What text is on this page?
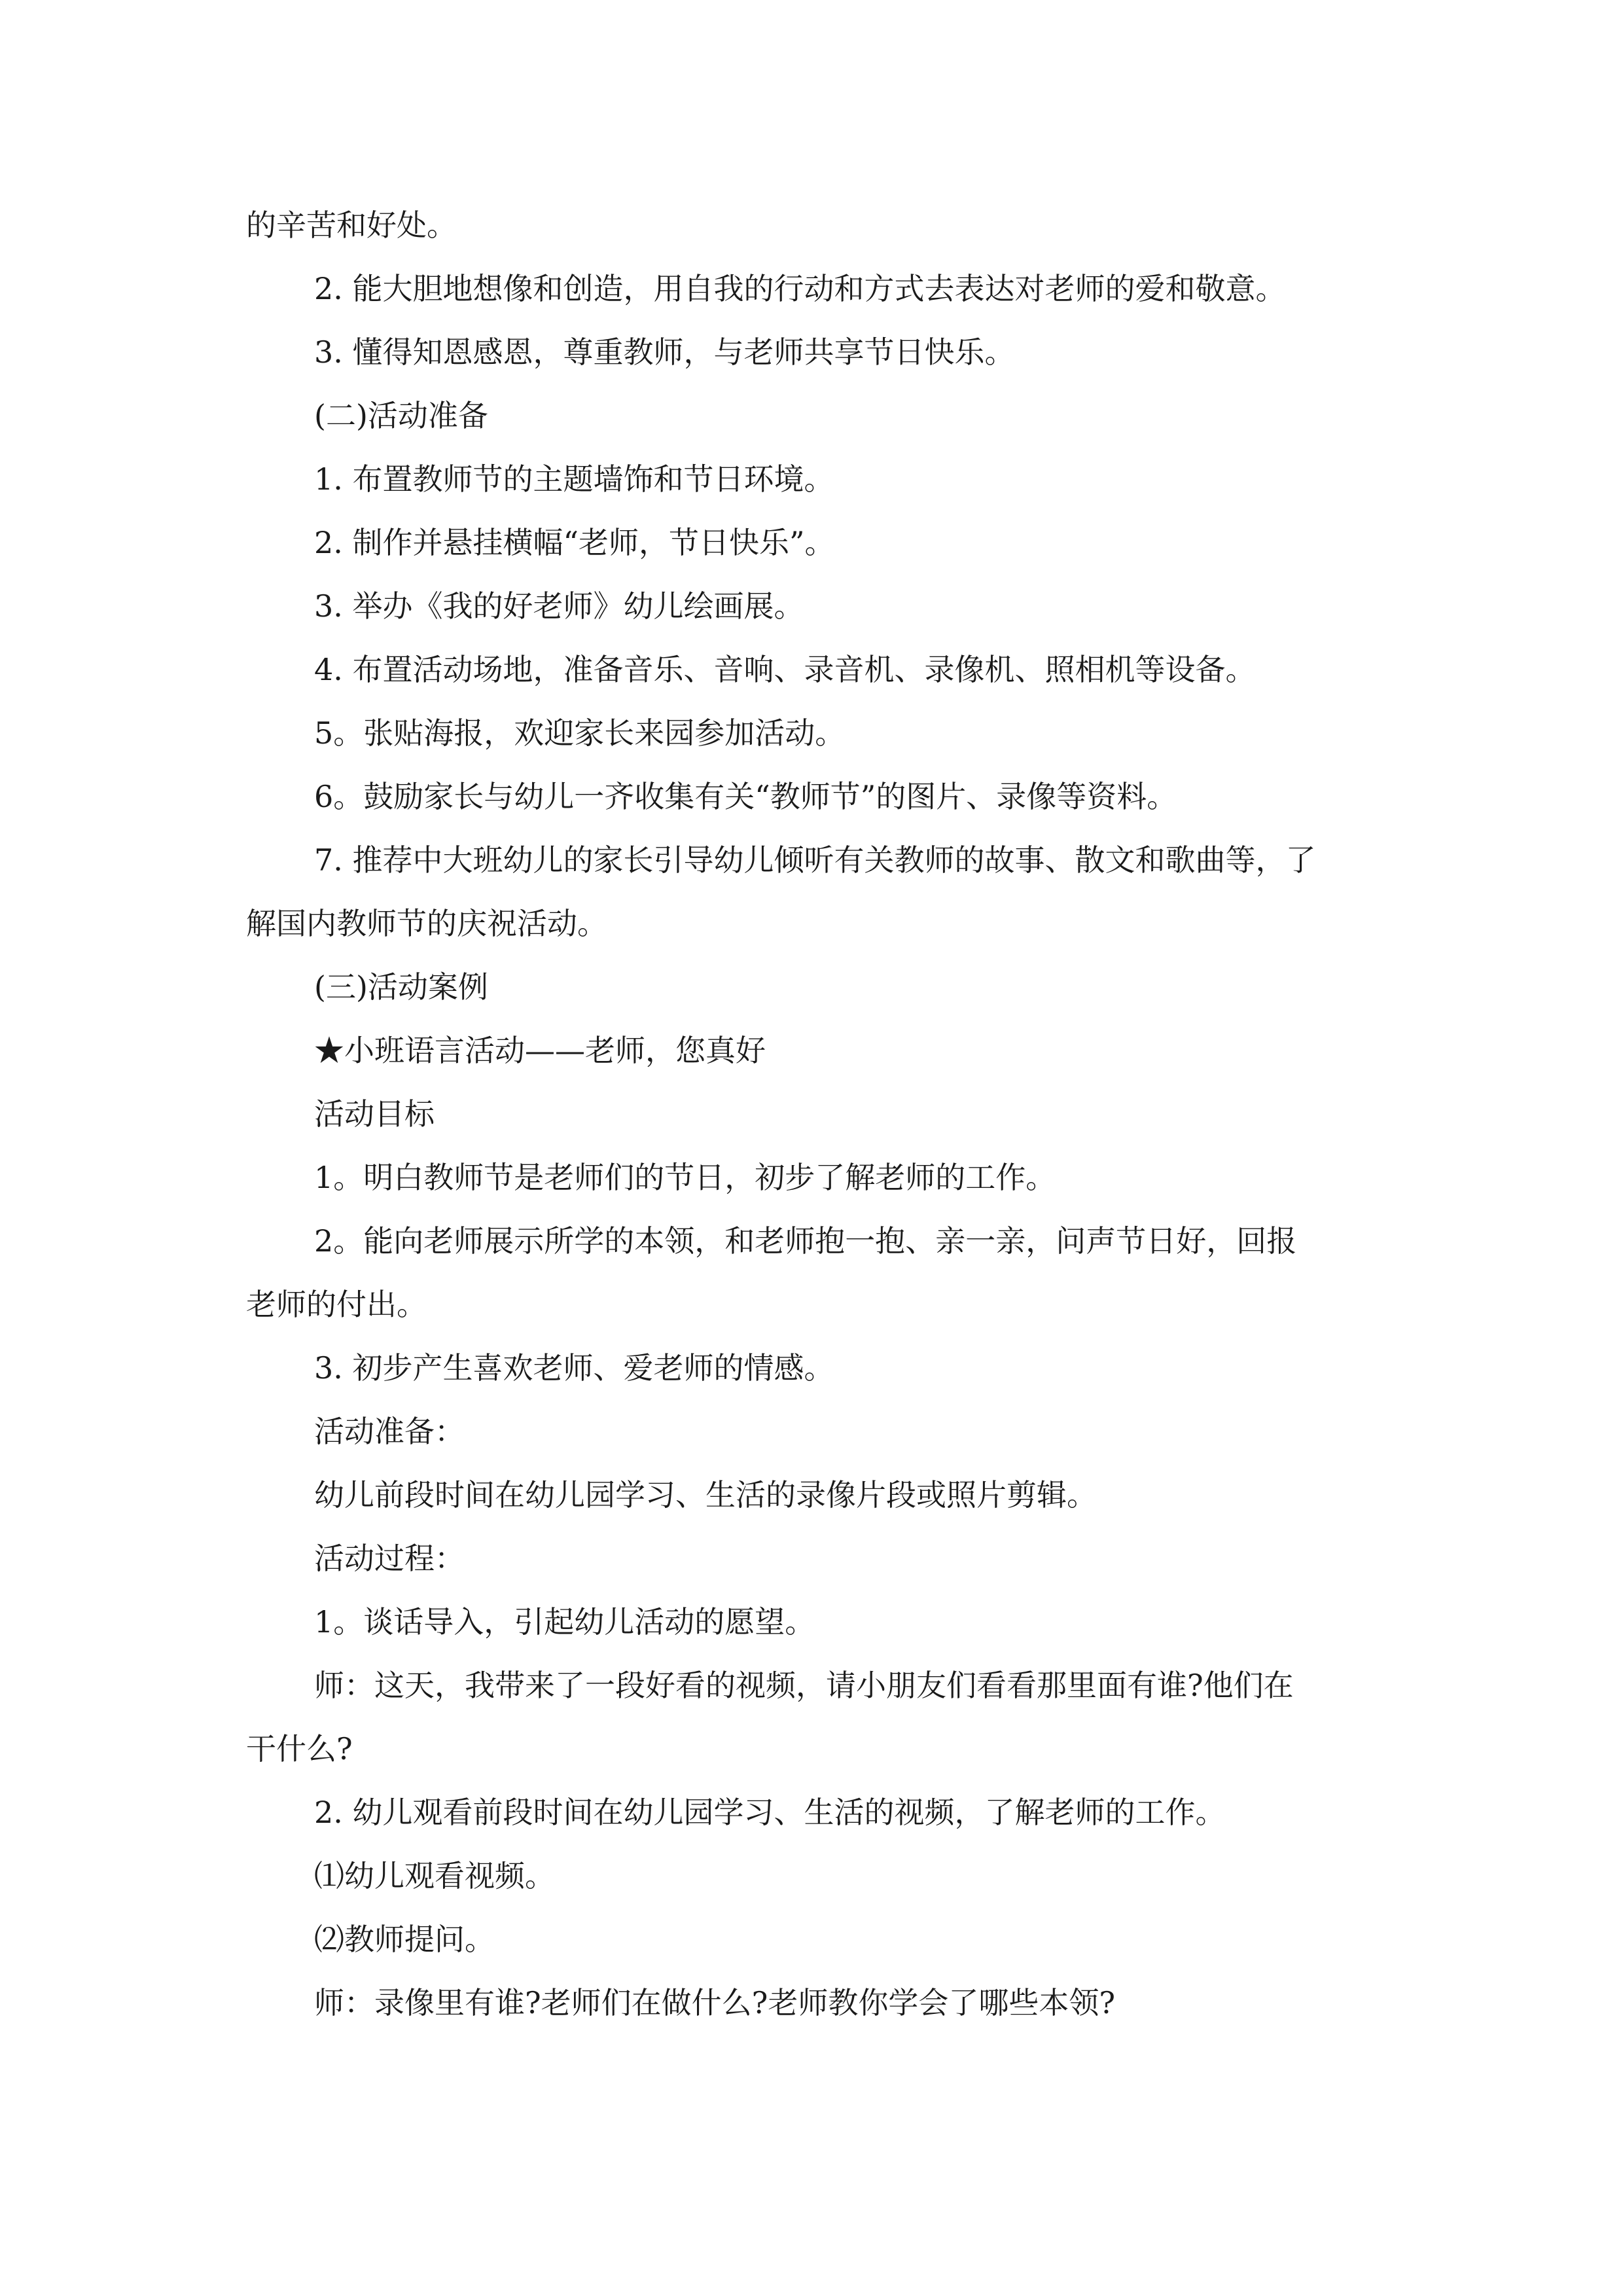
的辛苦和好处。

2. 能大胆地想像和创造，用自我的行动和方式去表达对老师的爱和敬意。

3. 懂得知恩感恩，尊重教师，与老师共享节日快乐。

(二)活动准备

1. 布置教师节的主题墙饰和节日环境。

2. 制作并悬挂横幅“老师，节日快乐”。

3. 举办《我的好老师》幼儿绘画展。

4. 布置活动场地，准备音乐、音响、录音机、录像机、照相机等设备。

5。张贴海报，欢迎家长来园参加活动。

6。鼓励家长与幼儿一齐收集有关“教师节”的图片、录像等资料。

7. 推荐中大班幼儿的家长引导幼儿倾听有关教师的故事、散文和歌曲等，了

解国内教师节的庆祝活动。

(三)活动案例

★小班语言活动——老师，您真好

活动目标

1。明白教师节是老师们的节日，初步了解老师的工作。

2。能向老师展示所学的本领，和老师抱一抱、亲一亲，问声节日好，回报

老师的付出。

3. 初步产生喜欢老师、爱老师的情感。

活动准备：

幼儿前段时间在幼儿园学习、生活的录像片段或照片剪辑。

活动过程：

1。谈话导入，引起幼儿活动的愿望。

师：这天，我带来了一段好看的视频，请小朋友们看看那里面有谁?他们在

干什么?

2. 幼儿观看前段时间在幼儿园学习、生活的视频，了解老师的工作。

⑴幼儿观看视频。

⑵教师提问。

师：录像里有谁?老师们在做什么?老师教你学会了哪些本领?
